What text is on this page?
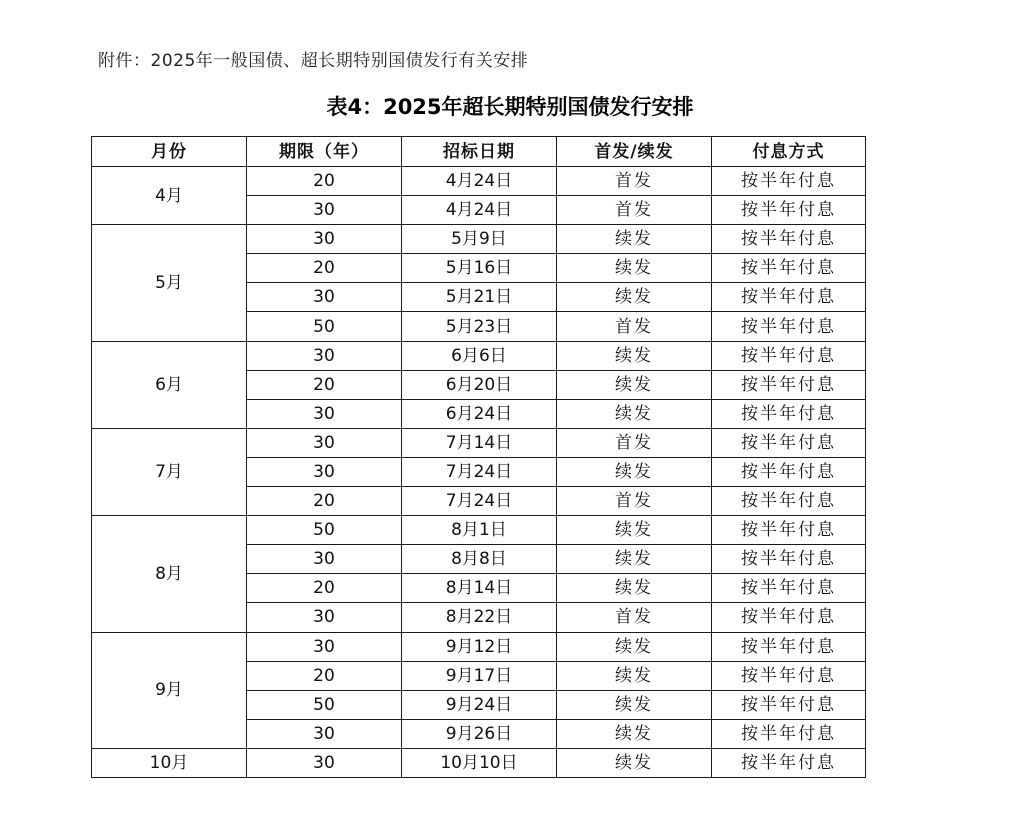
附件：2025年一般国债、超长期特别国债发行有关安排
表4：2025年超长期特别国债发行安排
月份	期限（年）	招标日期	首发/续发	付息方式
4月	20	4月24日	首发	按半年付息
	30	4月24日	首发	按半年付息
5月	30	5月9日	续发	按半年付息
	20	5月16日	续发	按半年付息
	30	5月21日	续发	按半年付息
	50	5月23日	首发	按半年付息
6月	30	6月6日	续发	按半年付息
	20	6月20日	续发	按半年付息
	30	6月24日	续发	按半年付息
7月	30	7月14日	首发	按半年付息
	30	7月24日	续发	按半年付息
	20	7月24日	首发	按半年付息
8月	50	8月1日	续发	按半年付息
	30	8月8日	续发	按半年付息
	20	8月14日	续发	按半年付息
	30	8月22日	首发	按半年付息
9月	30	9月12日	续发	按半年付息
	20	9月17日	续发	按半年付息
	50	9月24日	续发	按半年付息
	30	9月26日	续发	按半年付息
10月	30	10月10日	续发	按半年付息
